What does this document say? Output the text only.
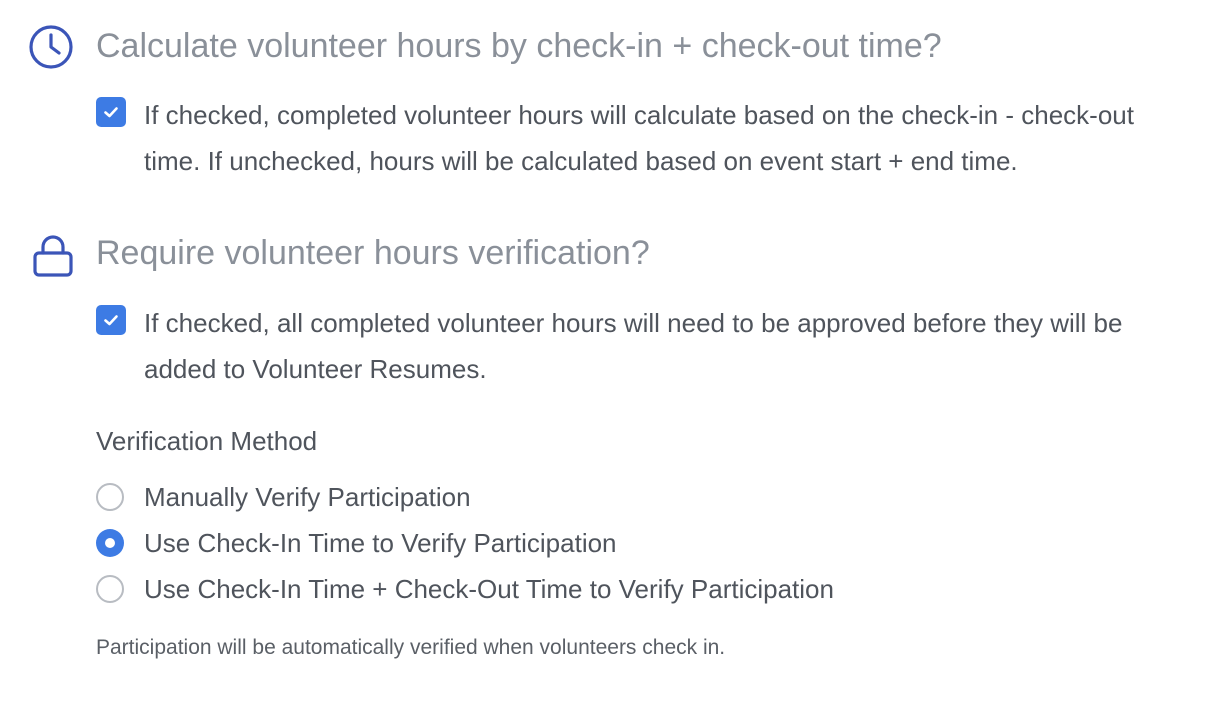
Calculate volunteer hours by check-in + check-out time?
If checked, completed volunteer hours will calculate based on the check-in - check-out time. If unchecked, hours will be calculated based on event start + end time.
Require volunteer hours verification?
If checked, all completed volunteer hours will need to be approved before they will be added to Volunteer Resumes.
Verification Method
Manually Verify Participation
Use Check-In Time to Verify Participation
Use Check-In Time + Check-Out Time to Verify Participation
Participation will be automatically verified when volunteers check in.
